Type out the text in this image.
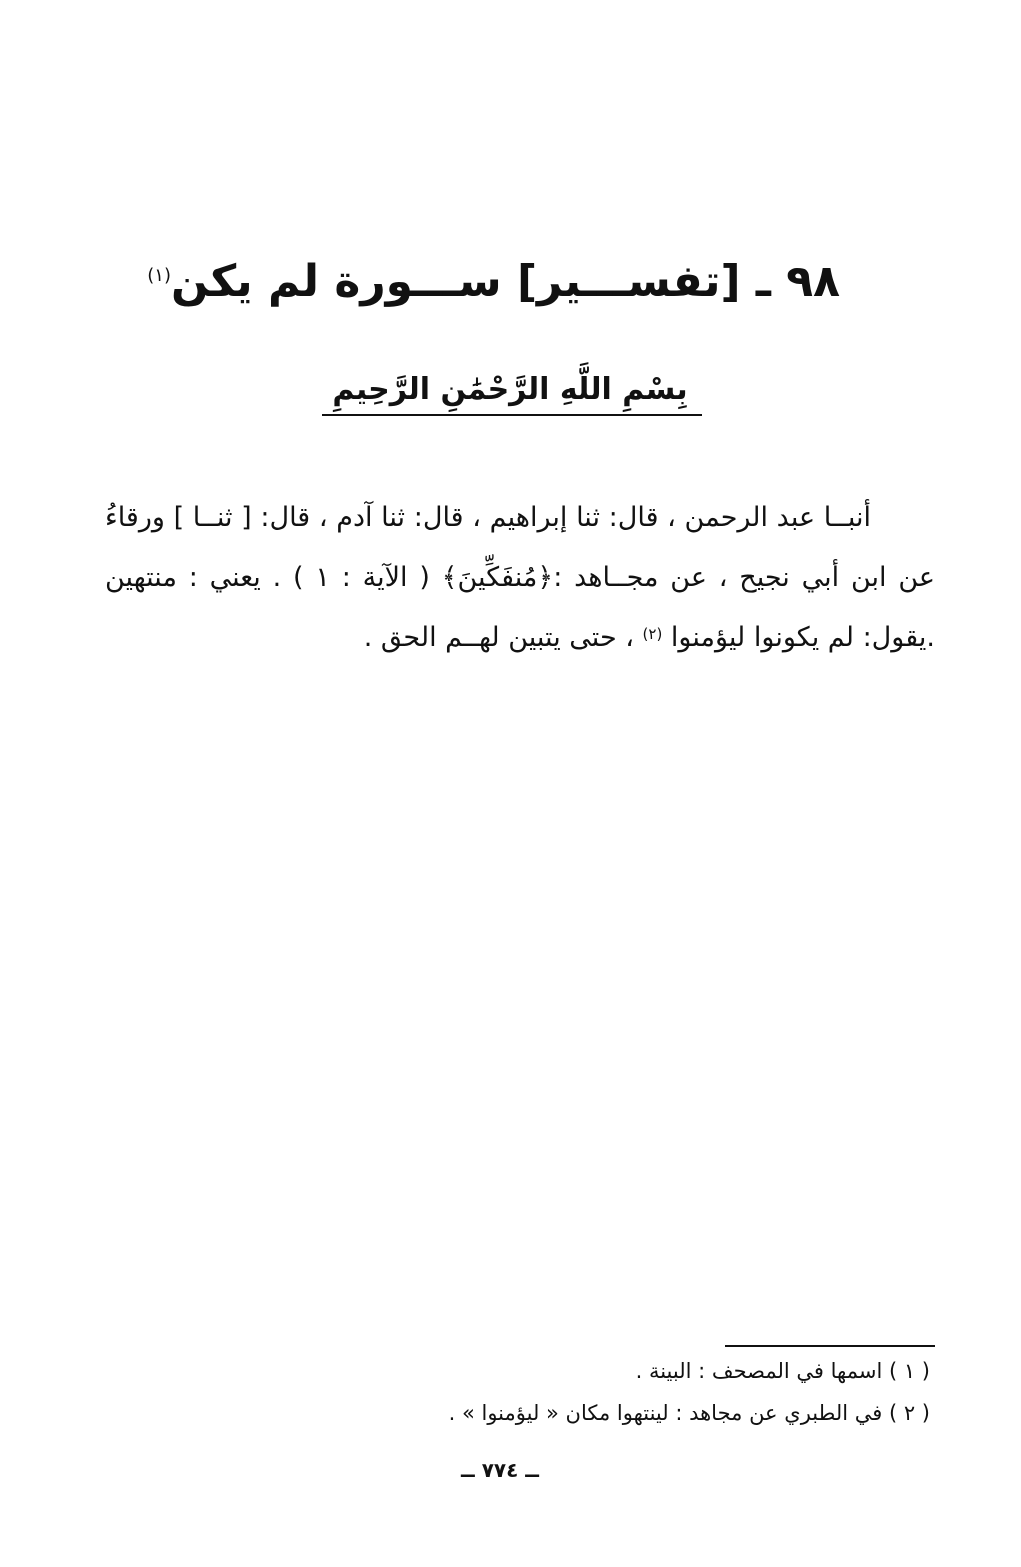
٩٨ ـ [تفســـير] ســـورة لم يكن$^{(١)}$
بِسْمِ اللَّهِ الرَّحْمَٰنِ الرَّحِيمِ

أنبــا عبد الرحمن ، قال: ثنا إبراهيم ، قال: ثنا آدم ، قال: [ ثنــا ] ورقاءُ عن ابن أبي نجيح ، عن مجــاهد :﴿مُنفَكِّينَ﴾ ( الآية : ١ ) . يعني : منتهين .يقول: لم يكونوا ليؤمنوا $^{(٢)}$ ، حتى يتبين لهــم الحق .

( ١ ) اسمها في المصحف : البينة .
( ٢ ) في الطبري عن مجاهد : لينتهوا مكان « ليؤمنوا » .
ــ ٧٧٤ ــ
